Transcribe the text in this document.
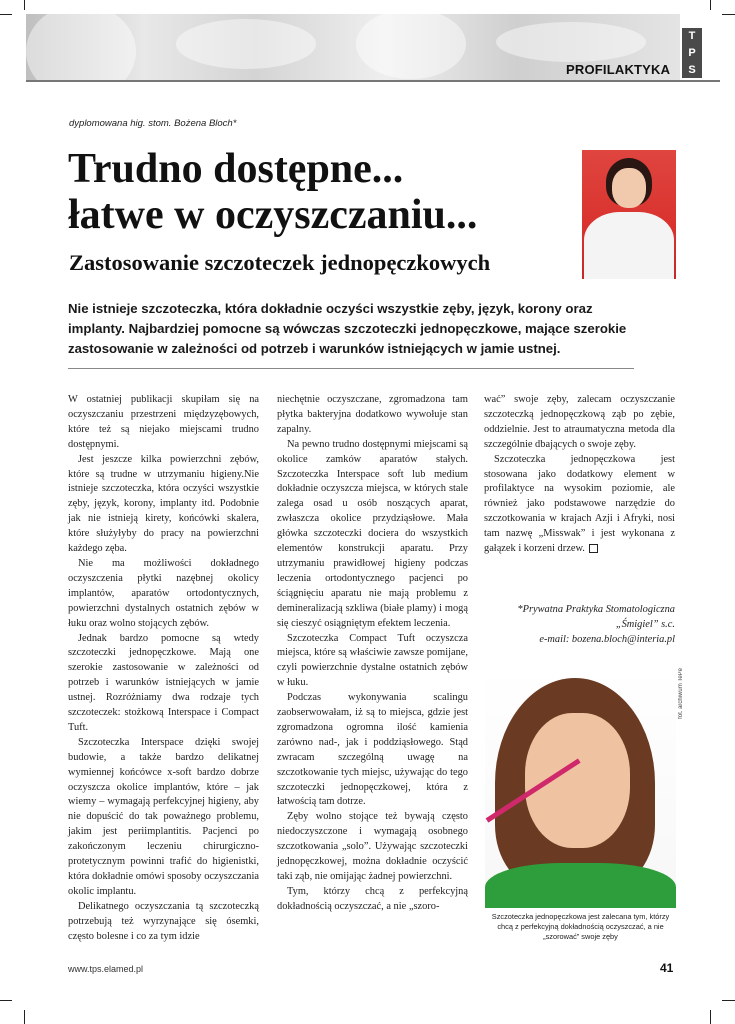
PROFILAKTYKA
T
P
S
dyplomowana hig. stom. Bożena Bloch*
Trudno dostępne...
łatwe w oczyszczaniu...
Zastosowanie szczoteczek jednopęczkowych

Nie istnieje szczoteczka, która dokładnie oczyści wszystkie zęby, język, korony oraz implanty. Najbardziej pomocne są wówczas szczoteczki jednopęczkowe, mające szerokie zastosowanie w zależności od potrzeb i warunków istniejących w jamie ustnej.

W ostatniej publikacji skupiłam się na oczyszczaniu przestrzeni międzyzębowych, które też są niejako miejscami trudno dostępnymi.

Jest jeszcze kilka powierzchni zębów, które są trudne w utrzymaniu higieny.Nie istnieje szczoteczka, która oczyści wszystkie zęby, język, korony, implanty itd. Podobnie jak nie istnieją kirety, końcówki skalera, które służyłyby do pracy na powierzchni każdego zęba.

Nie ma możliwości dokładnego oczyszczenia płytki nazębnej okolicy implantów, aparatów ortodontycznych, powierzchni dystalnych ostatnich zębów w łuku oraz wolno stojących zębów.

Jednak bardzo pomocne są wtedy szczoteczki jednopęczkowe. Mają one szerokie zastosowanie w zależności od potrzeb i warunków istniejących w jamie ustnej. Rozróżniamy dwa rodzaje tych szczoteczek: stożkową Interspace i Compact Tuft.

Szczoteczka Interspace dzięki swojej budowie, a także bardzo delikatnej wymiennej końcówce x-soft bardzo dobrze oczyszcza okolice implantów, które – jak wiemy – wymagają perfekcyjnej higieny, aby nie dopuścić do tak poważnego problemu, jakim jest periimplantitis. Pacjenci po zakończonym leczeniu chirurgiczno-protetycznym powinni trafić do higienistki, która dokładnie omówi sposoby oczyszczania okolic implantu.

Delikatnego oczyszczania tą szczoteczką potrzebują też wyrzynające się ósemki, często bolesne i co za tym idzie

niechętnie oczyszczane, zgromadzona tam płytka bakteryjna dodatkowo wywołuje stan zapalny.

Na pewno trudno dostępnymi miejscami są okolice zamków aparatów stałych. Szczoteczka Interspace soft lub medium dokładnie oczyszcza miejsca, w których stale zalega osad u osób noszących aparat, zwłaszcza okolice przydziąsłowe. Mała główka szczoteczki dociera do wszystkich elementów konstrukcji aparatu. Przy utrzymaniu prawidłowej higieny podczas leczenia ortodontycznego pacjenci po ściągnięciu aparatu nie mają problemu z demineralizacją szkliwa (białe plamy) i mogą się cieszyć osiągniętym efektem leczenia.

Szczoteczka Compact Tuft oczyszcza miejsca, które są właściwie zawsze pomijane, czyli powierzchnie dystalne ostatnich zębów w łuku.

Podczas wykonywania scalingu zaobserwowałam, iż są to miejsca, gdzie jest zgromadzona ogromna ilość kamienia zarówno nad-, jak i poddziąsłowego. Stąd zwracam szczególną uwagę na szczotkowanie tych miejsc, używając do tego szczoteczki jednopęczkowej, która z łatwością tam dotrze.

Zęby wolno stojące też bywają często niedoczyszczone i wymagają osobnego szczotkowania „solo”. Używając szczoteczki jednopęczkowej, można dokładnie oczyścić taki ząb, nie omijając żadnej powierzchni.

Tym, którzy chcą z perfekcyjną dokładnością oczyszczać, a nie „szoro-

wać” swoje zęby, zalecam oczyszczanie szczoteczką jednopęczkową ząb po zębie, oddzielnie. Jest to atraumatyczna metoda dla szczególnie dbających o swoje zęby.

Szczoteczka jednopęczkowa jest stosowana jako dodatkowy element w profilaktyce na wysokim poziomie, ale również jako podstawowe narzędzie do szczotkowania w krajach Azji i Afryki, nosi tam nazwę „Misswak” i jest wykonana z gałązek i korzeni drzew.

*Prywatna Praktyka Stomatologiczna
„Śmigiel” s.c.
e-mail: bozena.bloch@interia.pl
fot. archiwum TePe
Szczoteczka jednopęczkowa jest zalecana tym, którzy chcą z perfekcyjną dokładnością oczyszczać, a nie „szorować” swoje zęby
www.tps.elamed.pl	41
